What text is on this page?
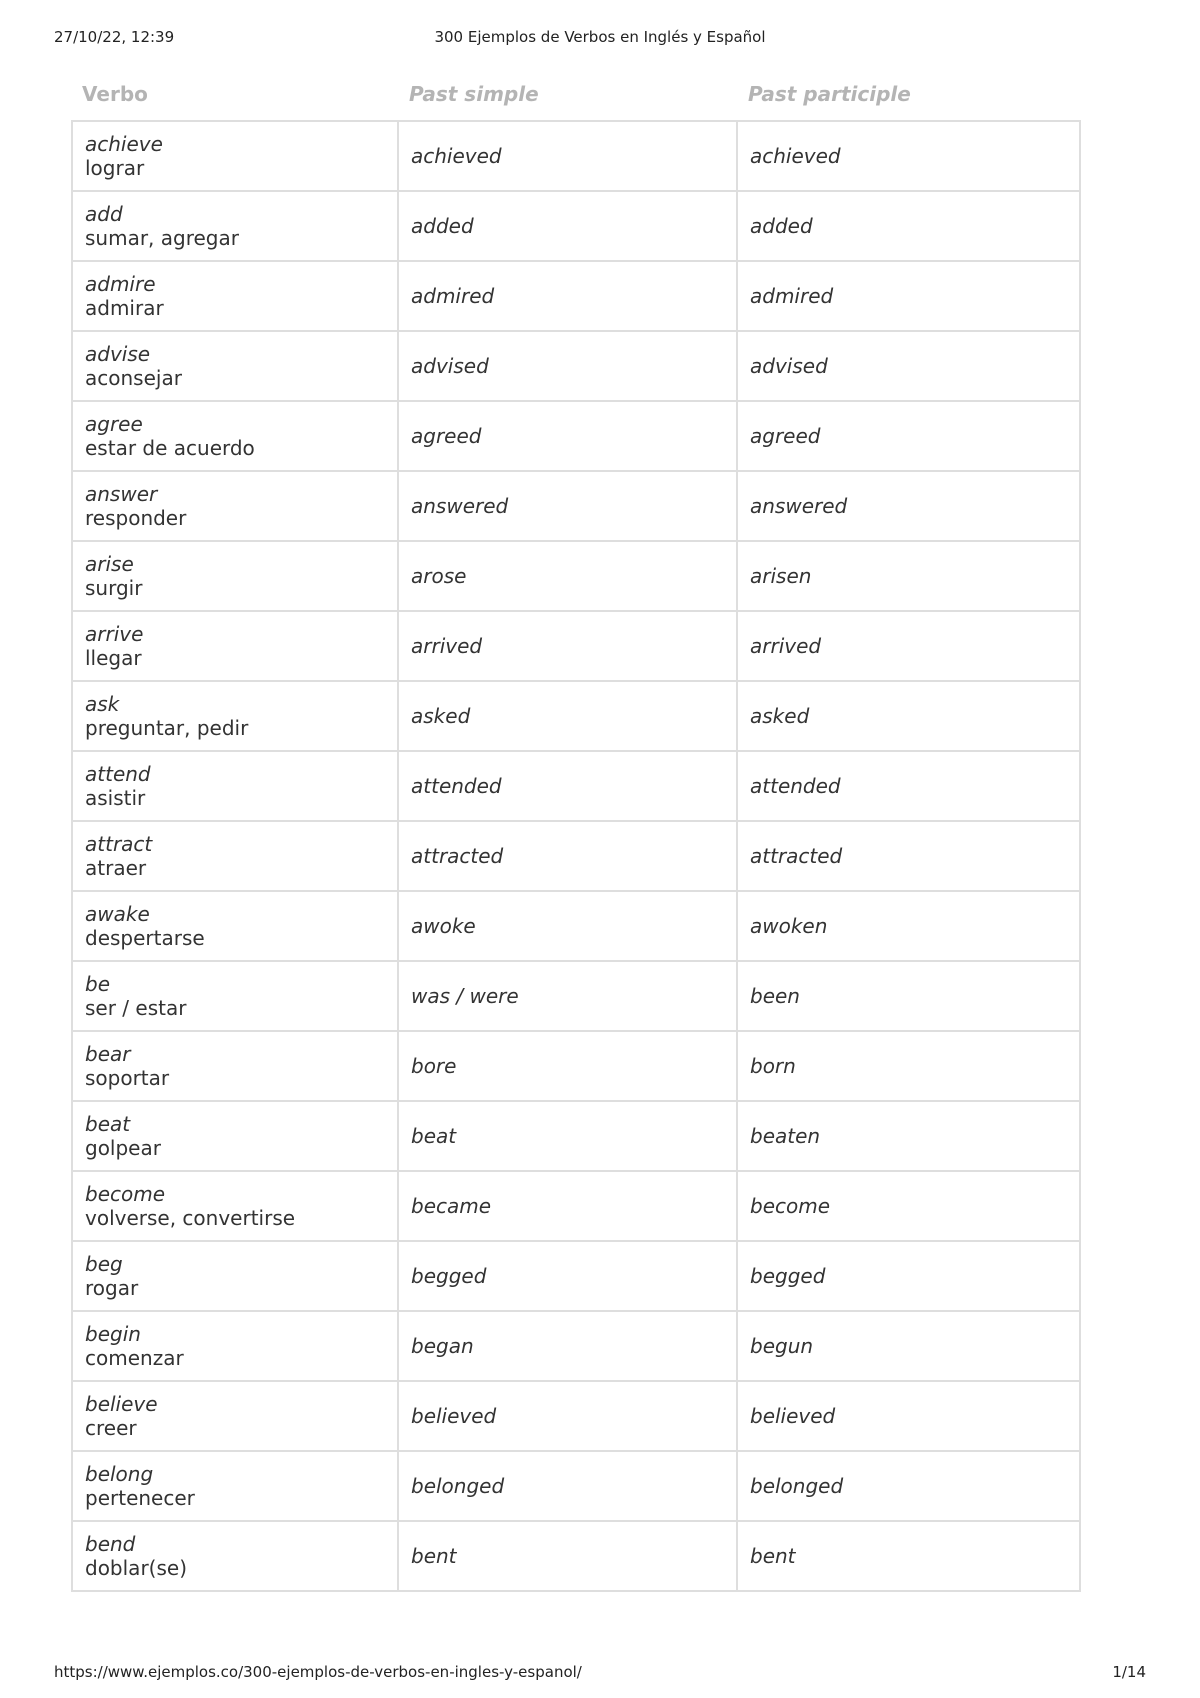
27/10/22, 12:39	300 Ejemplos de Verbos en Inglés y Español
Verbo	Past simple	Past participle
achieve
lograr	achieved	achieved

add
sumar, agregar	added	added

admire
admirar	admired	admired

advise
aconsejar	advised	advised

agree
estar de acuerdo	agreed	agreed

answer
responder	answered	answered

arise
surgir	arose	arisen

arrive
llegar	arrived	arrived

ask
preguntar, pedir	asked	asked

attend
asistir	attended	attended

attract
atraer	attracted	attracted

awake
despertarse	awoke	awoken

be
ser / estar	was / were	been

bear
soportar	bore	born

beat
golpear	beat	beaten

become
volverse, convertirse	became	become

beg
rogar	begged	begged

begin
comenzar	began	begun

believe
creer	believed	believed

belong
pertenecer	belonged	belonged

bend
doblar(se)	bent	bent
https://www.ejemplos.co/300-ejemplos-de-verbos-en-ingles-y-espanol/	1/14
